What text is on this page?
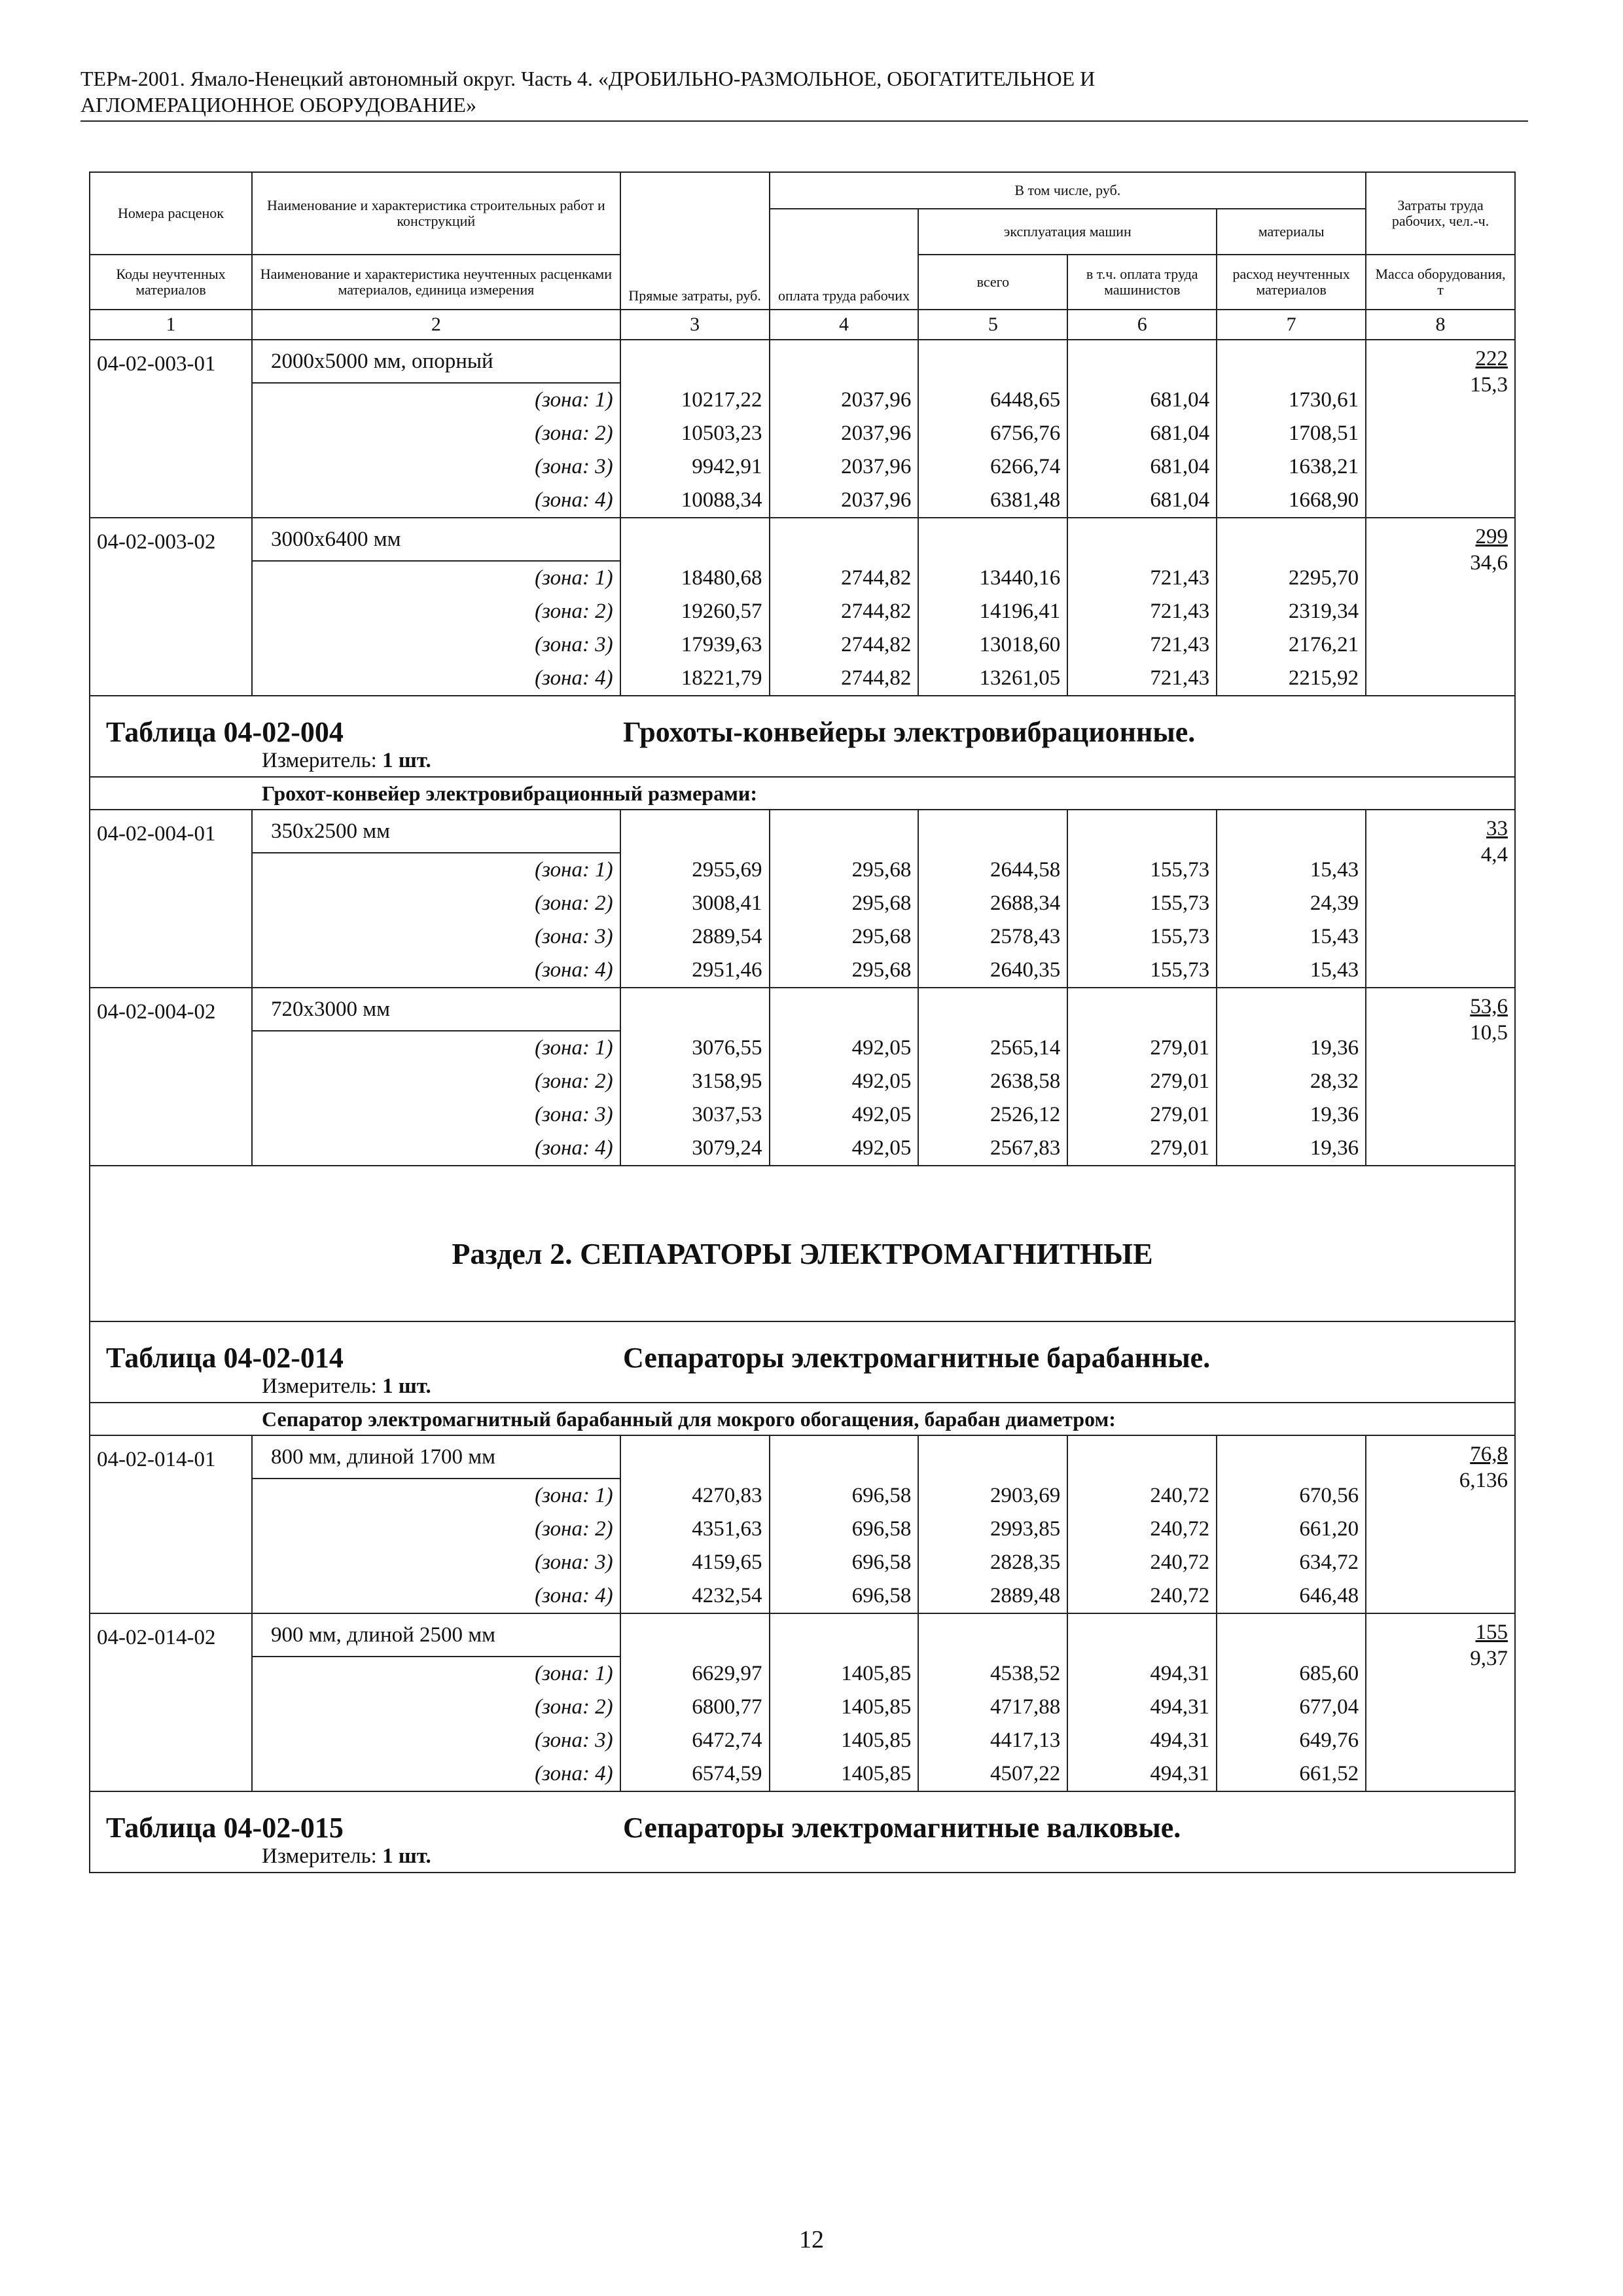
ТЕРм-2001. Ямало-Ненецкий автономный округ. Часть 4. «ДРОБИЛЬНО-РАЗМОЛЬНОЕ, ОБОГАТИТЕЛЬНОЕ И
АГЛОМЕРАЦИОННОЕ ОБОРУДОВАНИЕ»
Номера расценок	Наименование и характеристика строительных работ и конструкций	Прямые затраты, руб.	В том числе, руб.				Затраты труда рабочих, чел.-ч.
			оплата труда рабочих	эксплуатация машин		материалы	
Коды неучтенных материалов	Наименование и характеристика неучтенных расценками материалов, единица измерения			всего	в т.ч. оплата труда машинистов	расход неучтенных материалов	Масса оборудования, т
1	2	3	4	5	6	7	8
04-02-003-01	2000х5000 мм, опорный						222
15,3

	(зона: 1)	10217,22	2037,96	6448,65	681,04	1730,61	
	(зона: 2)	10503,23	2037,96	6756,76	681,04	1708,51	
	(зона: 3)	9942,91	2037,96	6266,74	681,04	1638,21	
	(зона: 4)	10088,34	2037,96	6381,48	681,04	1668,90	
04-02-003-02	3000х6400 мм						299
34,6

	(зона: 1)	18480,68	2744,82	13440,16	721,43	2295,70	
	(зона: 2)	19260,57	2744,82	14196,41	721,43	2319,34	
	(зона: 3)	17939,63	2744,82	13018,60	721,43	2176,21	
	(зона: 4)	18221,79	2744,82	13261,05	721,43	2215,92	
Таблица 04-02-004 Грохоты-конвейеры электровибрационные.							
Измеритель: 1 шт.							
Грохот-конвейер электровибрационный размерами:							
04-02-004-01	350х2500 мм						33
4,4

	(зона: 1)	2955,69	295,68	2644,58	155,73	15,43	
	(зона: 2)	3008,41	295,68	2688,34	155,73	24,39	
	(зона: 3)	2889,54	295,68	2578,43	155,73	15,43	
	(зона: 4)	2951,46	295,68	2640,35	155,73	15,43	
04-02-004-02	720х3000 мм						53,6
10,5

	(зона: 1)	3076,55	492,05	2565,14	279,01	19,36	
	(зона: 2)	3158,95	492,05	2638,58	279,01	28,32	
	(зона: 3)	3037,53	492,05	2526,12	279,01	19,36	
	(зона: 4)	3079,24	492,05	2567,83	279,01	19,36	
Раздел 2. СЕПАРАТОРЫ ЭЛЕКТРОМАГНИТНЫЕ							

Таблица 04-02-014 Сепараторы электромагнитные барабанные.							
Измеритель: 1 шт.							
Сепаратор электромагнитный барабанный для мокрого обогащения, барабан диаметром:							
04-02-014-01	800 мм, длиной 1700 мм						76,8
6,136

	(зона: 1)	4270,83	696,58	2903,69	240,72	670,56	
	(зона: 2)	4351,63	696,58	2993,85	240,72	661,20	
	(зона: 3)	4159,65	696,58	2828,35	240,72	634,72	
	(зона: 4)	4232,54	696,58	2889,48	240,72	646,48	
04-02-014-02	900 мм, длиной 2500 мм						155
9,37

	(зона: 1)	6629,97	1405,85	4538,52	494,31	685,60	
	(зона: 2)	6800,77	1405,85	4717,88	494,31	677,04	
	(зона: 3)	6472,74	1405,85	4417,13	494,31	649,76	
	(зона: 4)	6574,59	1405,85	4507,22	494,31	661,52	
Таблица 04-02-015 Сепараторы электромагнитные валковые.							
Измеритель: 1 шт.							
12
